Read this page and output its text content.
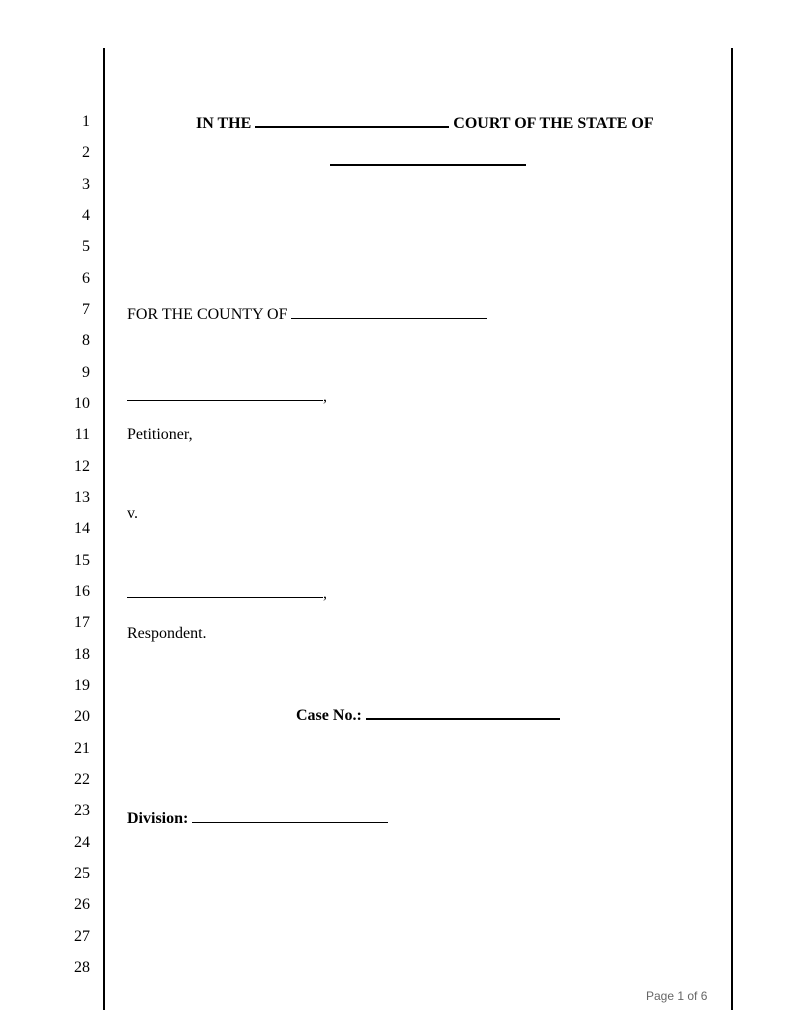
1
2
3
4
5
6
7
8
9
10
11
12
13
14
15
16
17
18
19
20
21
22
23
24
25
26
27
28
IN THE	COURT OF THE STATE OF
FOR THE COUNTY OF
,
Petitioner,
v.
,
Respondent.
Case No.:
Division:
Page 1 of 6
